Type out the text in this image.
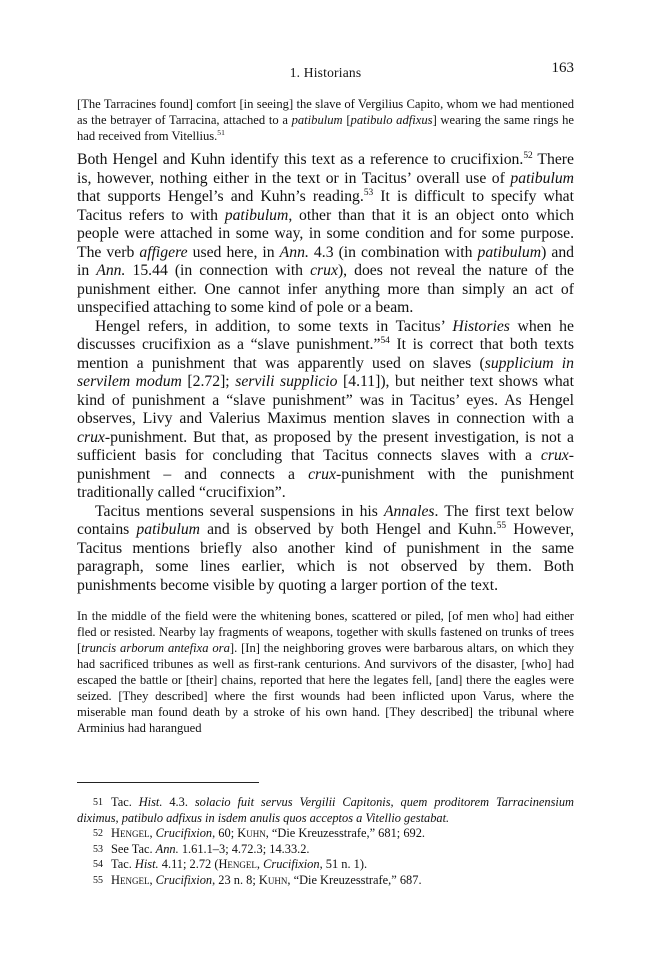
1. Historians	163
[The Tarracines found] comfort [in seeing] the slave of Vergilius Capito, whom we had mentioned as the betrayer of Tarracina, attached to a patibulum [patibulo adfixus] wearing the same rings he had received from Vitellius.$^{51}$

Both Hengel and Kuhn identify this text as a reference to crucifixion.$^{52}$ There is, however, nothing either in the text or in Tacitus’ overall use of patibulum that supports Hengel’s and Kuhn’s reading.$^{53}$ It is difficult to specify what Tacitus refers to with patibulum, other than that it is an object onto which people were attached in some way, in some condition and for some purpose. The verb affigere used here, in Ann. 4.3 (in combination with patibulum) and in Ann. 15.44 (in connection with crux), does not reveal the nature of the punishment either. One cannot infer anything more than simply an act of unspecified attaching to some kind of pole or a beam.

Hengel refers, in addition, to some texts in Tacitus’ Histories when he discusses crucifixion as a “slave punishment.”$^{54}$ It is correct that both texts mention a punishment that was apparently used on slaves (supplicium in servilem modum [2.72]; servili supplicio [4.11]), but neither text shows what kind of punishment a “slave punishment” was in Tacitus’ eyes. As Hengel observes, Livy and Valerius Maximus mention slaves in connection with a crux-punishment. But that, as proposed by the present investigation, is not a sufficient basis for concluding that Tacitus connects slaves with a crux-punishment – and connects a crux-punishment with the punishment traditionally called “crucifixion”.

Tacitus mentions several suspensions in his Annales. The first text below contains patibulum and is observed by both Hengel and Kuhn.$^{55}$ However, Tacitus mentions briefly also another kind of punishment in the same paragraph, some lines earlier, which is not observed by them. Both punishments become visible by quoting a larger portion of the text.

In the middle of the field were the whitening bones, scattered or piled, [of men who] had either fled or resisted. Nearby lay fragments of weapons, together with skulls fastened on trunks of trees [truncis arborum antefixa ora]. [In] the neighboring groves were barbarous altars, on which they had sacrificed tribunes as well as first-rank centurions. And survivors of the disaster, [who] had escaped the battle or [their] chains, reported that here the legates fell, [and] there the eagles were seized. [They described] where the first wounds had been inflicted upon Varus, where the miserable man found death by a stroke of his own hand. [They described] the tribunal where Arminius had harangued
51 Tac. Hist. 4.3. solacio fuit servus Vergilii Capitonis, quem proditorem Tarracinensium diximus, patibulo adfixus in isdem anulis quos acceptos a Vitellio gestabat.
52 Hengel, Crucifixion, 60; Kuhn, “Die Kreuzesstrafe,” 681; 692.
53 See Tac. Ann. 1.61.1–3; 4.72.3; 14.33.2.
54 Tac. Hist. 4.11; 2.72 (Hengel, Crucifixion, 51 n. 1).
55 Hengel, Crucifixion, 23 n. 8; Kuhn, “Die Kreuzesstrafe,” 687.
